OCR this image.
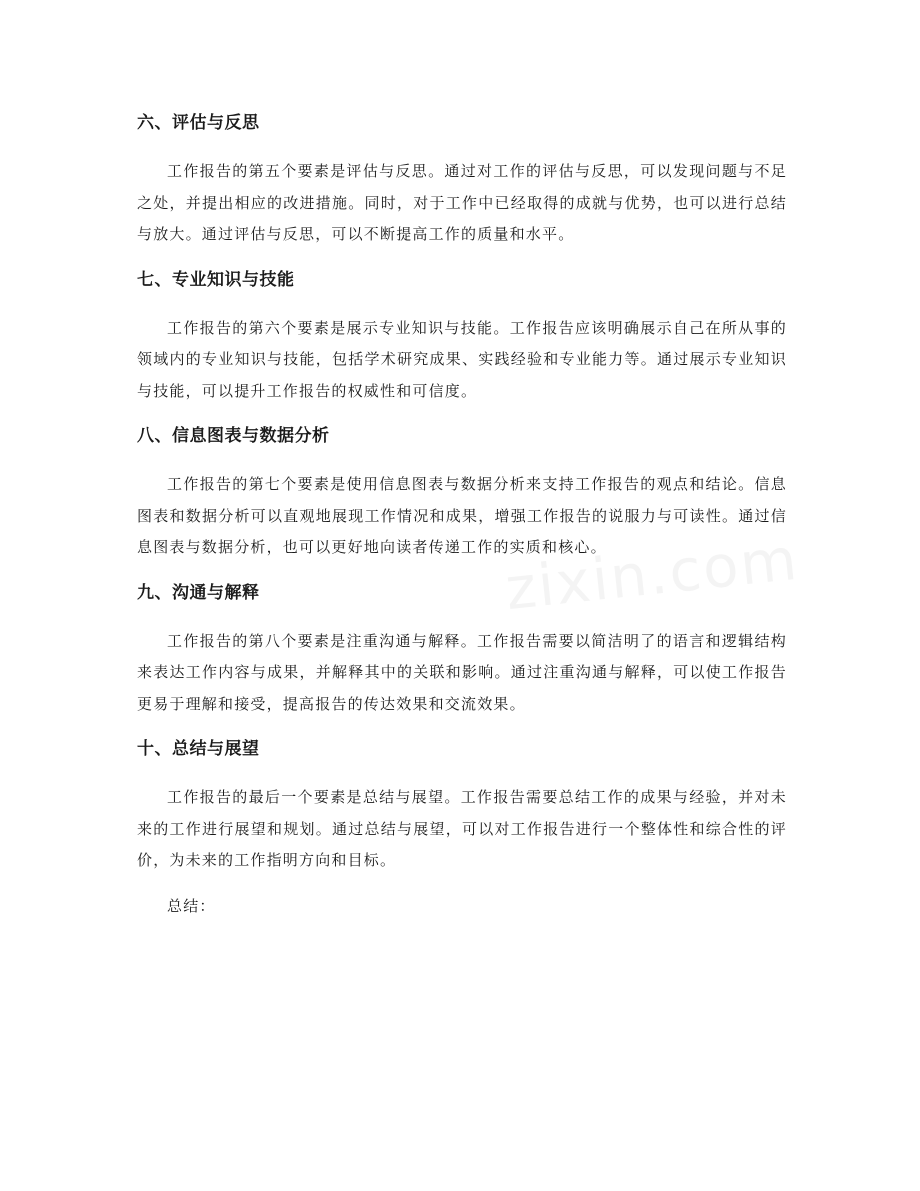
六、评估与反思

工作报告的第五个要素是评估与反思。通过对工作的评估与反思，可以发现问题与不足之处，并提出相应的改进措施。同时，对于工作中已经取得的成就与优势，也可以进行总结与放大。通过评估与反思，可以不断提高工作的质量和水平。

七、专业知识与技能

工作报告的第六个要素是展示专业知识与技能。工作报告应该明确展示自己在所从事的领域内的专业知识与技能，包括学术研究成果、实践经验和专业能力等。通过展示专业知识与技能，可以提升工作报告的权威性和可信度。

八、信息图表与数据分析

工作报告的第七个要素是使用信息图表与数据分析来支持工作报告的观点和结论。信息图表和数据分析可以直观地展现工作情况和成果，增强工作报告的说服力与可读性。通过信息图表与数据分析，也可以更好地向读者传递工作的实质和核心。

九、沟通与解释

工作报告的第八个要素是注重沟通与解释。工作报告需要以简洁明了的语言和逻辑结构来表达工作内容与成果，并解释其中的关联和影响。通过注重沟通与解释，可以使工作报告更易于理解和接受，提高报告的传达效果和交流效果。

十、总结与展望

工作报告的最后一个要素是总结与展望。工作报告需要总结工作的成果与经验，并对未来的工作进行展望和规划。通过总结与展望，可以对工作报告进行一个整体性和综合性的评价，为未来的工作指明方向和目标。

总结：
